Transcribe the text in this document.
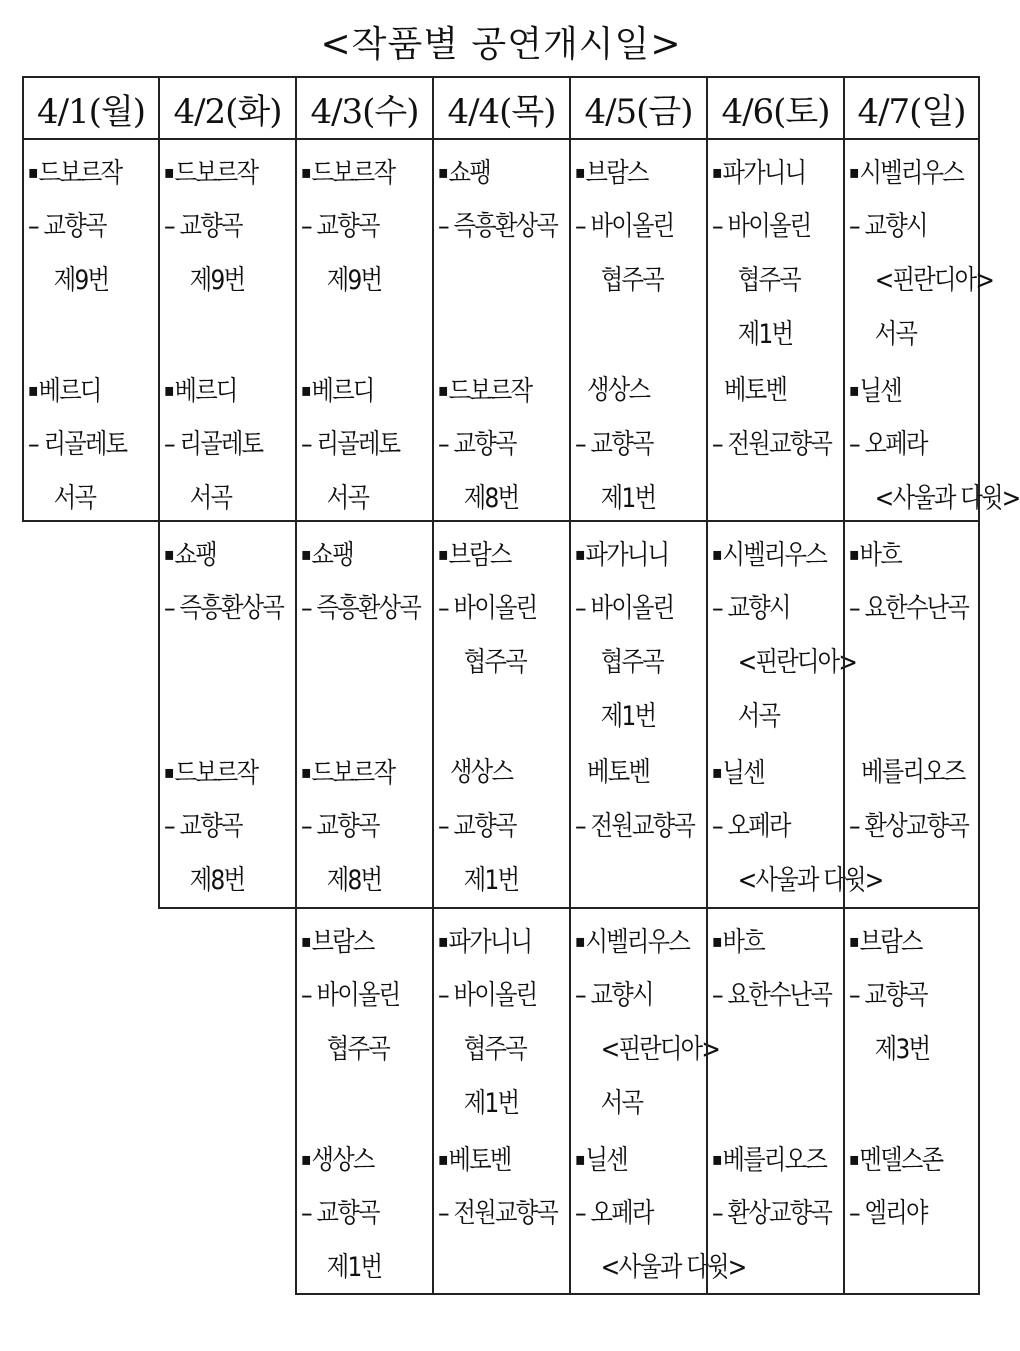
<작품별 공연개시일>
4/1(월) 4/2(화) 4/3(수) 4/4(목) 4/5(금) 4/6(토) 4/7(일)
▪드보르작
– 교향곡
제9번
▪베르디
– 리골레토
서곡
▪드보르작
– 교향곡
제9번
▪베르디
– 리골레토
서곡
▪드보르작
– 교향곡
제9번
▪베르디
– 리골레토
서곡
▪쇼팽
– 즉흥환상곡
▪드보르작
– 교향곡
제8번
▪브람스
– 바이올린
협주곡
생상스
– 교향곡
제1번
▪파가니니
– 바이올린
협주곡
제1번
베토벤
– 전원교향곡
▪시벨리우스
– 교향시
<핀란디아>
서곡
▪닐센
– 오페라
<사울과 다윗>
▪쇼팽
– 즉흥환상곡
▪드보르작
– 교향곡
제8번
▪쇼팽
– 즉흥환상곡
▪드보르작
– 교향곡
제8번
▪브람스
– 바이올린
협주곡
생상스
– 교향곡
제1번
▪파가니니
– 바이올린
협주곡
제1번
베토벤
– 전원교향곡
▪시벨리우스
– 교향시
<핀란디아>
서곡
▪닐센
– 오페라
<사울과 다윗>
▪바흐
– 요한수난곡
베를리오즈
– 환상교향곡
▪브람스
– 바이올린
협주곡
▪생상스
– 교향곡
제1번
▪파가니니
– 바이올린
협주곡
제1번
▪베토벤
– 전원교향곡
▪시벨리우스
– 교향시
<핀란디아>
서곡
▪닐센
– 오페라
<사울과 다윗>
▪바흐
– 요한수난곡
▪베를리오즈
– 환상교향곡
▪브람스
– 교향곡
제3번
▪멘델스존
– 엘리야
